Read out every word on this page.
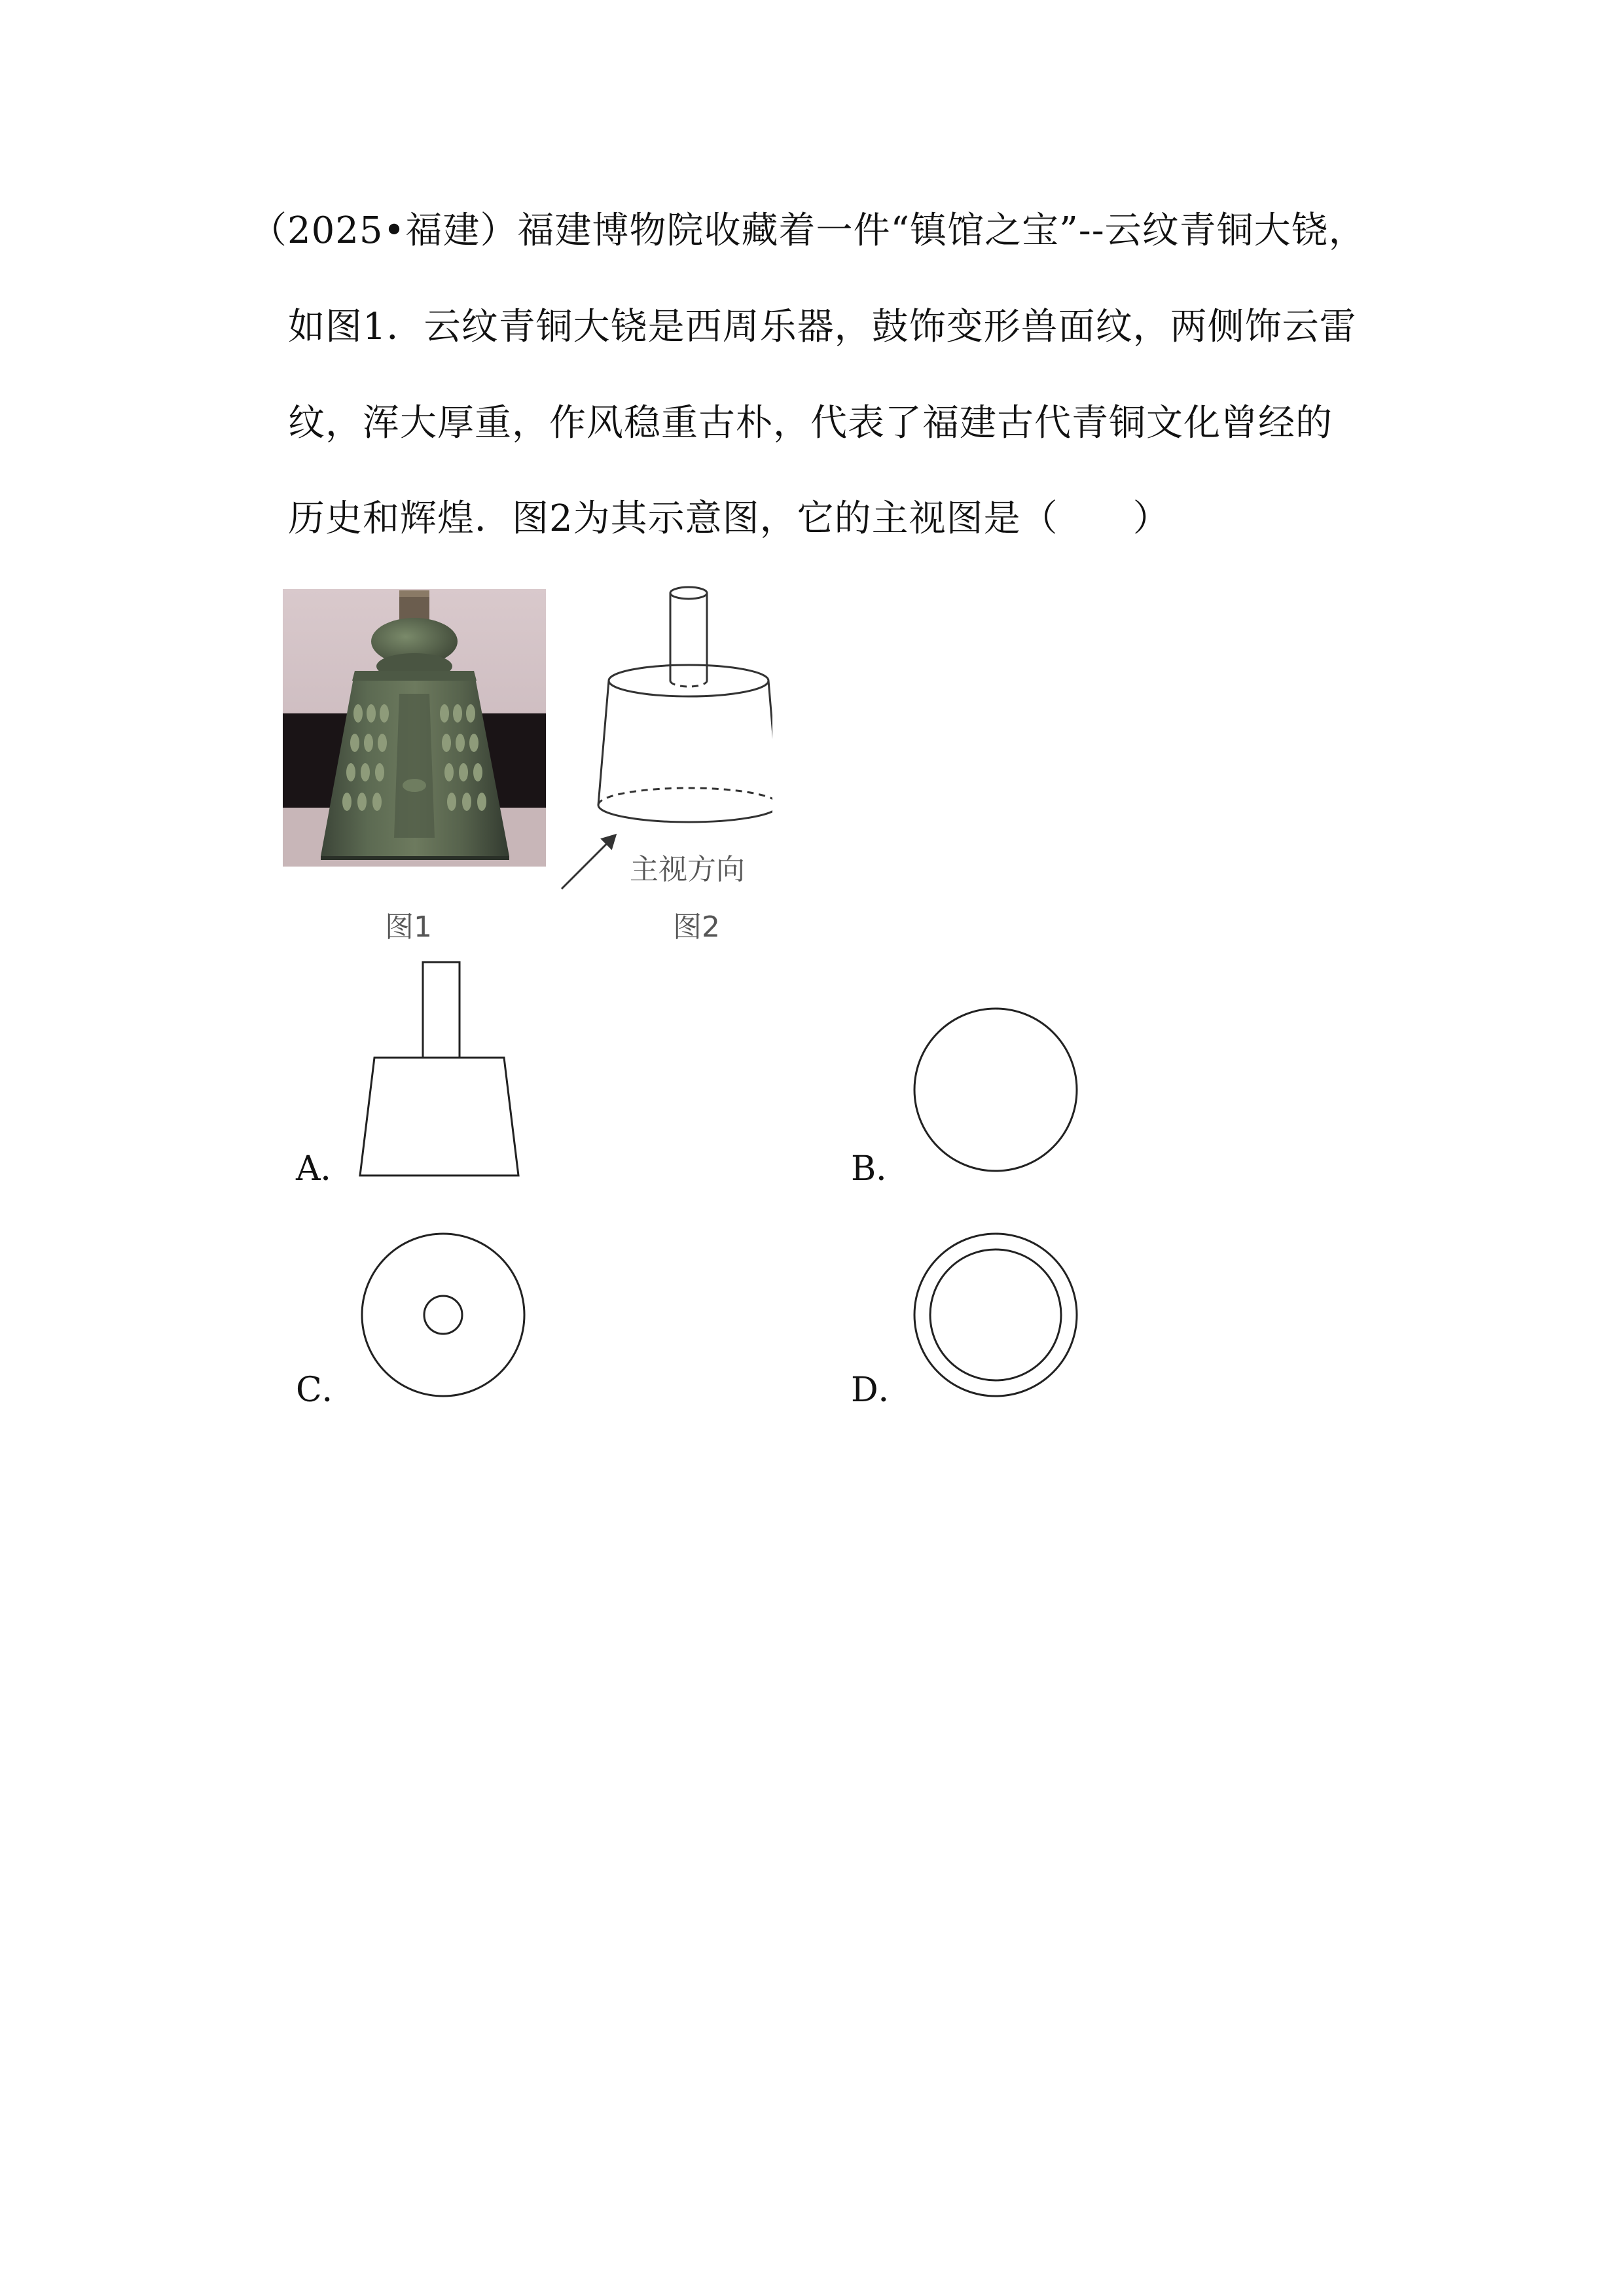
（2025•福建）福建博物院收藏着一件“镇馆之宝”--云纹青铜大铙，
如图1．云纹青铜大铙是西周乐器，鼓饰变形兽面纹，两侧饰云雷
纹，浑大厚重，作风稳重古朴，代表了福建古代青铜文化曾经的
历史和辉煌．图2为其示意图，它的主视图是（　　）
主视方向
图1	图2
A．	B．
C．	D．
